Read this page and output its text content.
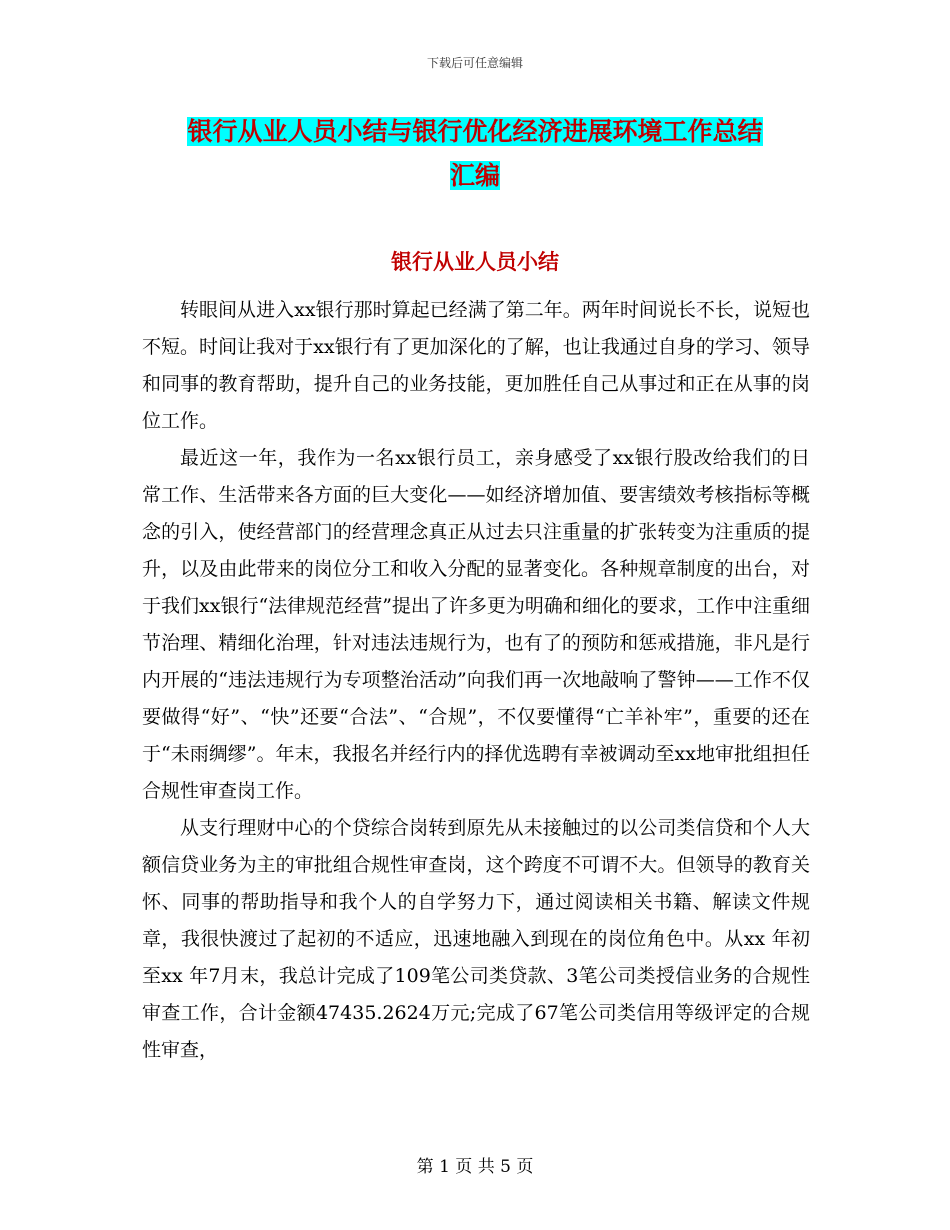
下载后可任意编辑
银行从业人员小结与银行优化经济进展环境工作总结
汇编
银行从业人员小结

转眼间从进入xx银行那时算起已经满了第二年。两年时间说长不长，说短也不短。时间让我对于xx银行有了更加深化的了解，也让我通过自身的学习、领导和同事的教育帮助，提升自己的业务技能，更加胜任自己从事过和正在从事的岗位工作。

最近这一年，我作为一名xx银行员工，亲身感受了xx银行股改给我们的日常工作、生活带来各方面的巨大变化——如经济增加值、要害绩效考核指标等概念的引入，使经营部门的经营理念真正从过去只注重量的扩张转变为注重质的提升，以及由此带来的岗位分工和收入分配的显著变化。各种规章制度的出台，对于我们xx银行“法律规范经营”提出了许多更为明确和细化的要求，工作中注重细节治理、精细化治理，针对违法违规行为，也有了的预防和惩戒措施，非凡是行内开展的“违法违规行为专项整治活动”向我们再一次地敲响了警钟——工作不仅要做得“好”、“快”还要“合法”、“合规”，不仅要懂得“亡羊补牢”，重要的还在于“未雨绸缪”。年末，我报名并经行内的择优选聘有幸被调动至xx地审批组担任合规性审查岗工作。

从支行理财中心的个贷综合岗转到原先从未接触过的以公司类信贷和个人大额信贷业务为主的审批组合规性审查岗，这个跨度不可谓不大。但领导的教育关怀、同事的帮助指导和我个人的自学努力下，通过阅读相关书籍、解读文件规章，我很快渡过了起初的不适应，迅速地融入到现在的岗位角色中。从xx 年初至xx 年7月末，我总计完成了109笔公司类贷款、3笔公司类授信业务的合规性审查工作，合计金额47435.2624万元;完成了67笔公司类信用等级评定的合规性审查，

第 1 页 共 5 页
